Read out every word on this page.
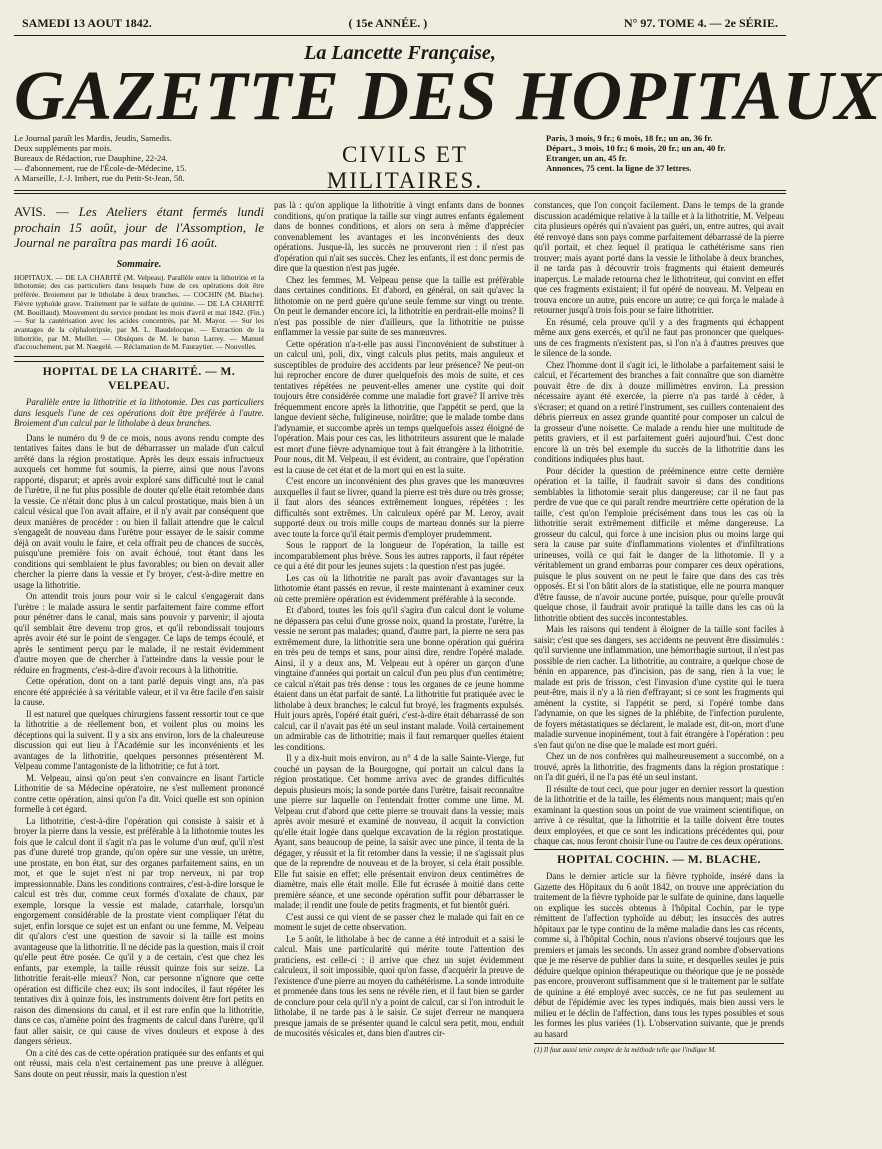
SAMEDI 13 AOUT 1842.	( 15e ANNÉE. )	N° 97. TOME 4. — 2e SÉRIE.
La Lancette Française,
GAZETTE DES HOPITAUX
Le Journal paraît les Mardis, Jeudis, Samedis.
Deux suppléments par mois.
Bureaux de Rédaction, rue Dauphine, 22-24.
— d'abonnement, rue de l'École-de-Médecine, 15.
A Marseille, J.-J. Imbert, rue du Petit-St-Jean, 58.
CIVILS ET MILITAIRES.
Paris, 3 mois, 9 fr.; 6 mois, 18 fr.; un an, 36 fr.
Départ., 3 mois, 10 fr.; 6 mois, 20 fr.; un an, 40 fr.
Etranger, un an, 45 fr.
Annonces, 75 cent. la ligne de 37 lettres.
AVIS. — Les Ateliers étant fermés lundi prochain 15 août, jour de l'Assomption, le Journal ne paraîtra pas mardi 16 août.
Sommaire.
HOPITAUX. — DE LA CHARITÉ (M. Velpeau). Parallèle entre la lithotritie et la lithotomie; des cas particuliers dans lesquels l'une de ces opérations doit être préférée. Broiement par le litholabe à deux branches. — COCHIN (M. Blache). Fièvre typhoïde grave. Traitement par le sulfate de quinine. — DE LA CHARITÉ (M. Bouillaud). Mouvement du service pendant les mois d'avril et mai 1842. (Fin.) — Sur la cautérisation avec les acides concentrés, par M. Mayor. — Sur les avantages de la céphalotripsie, par M. L. Baudelocque. — Extraction de la lithotritie, par M. Meillet. — Obsèques de M. le baron Larrey. — Manuel d'accouchement, par M. Naegelé. — Réclamation de M. Fauraytier. — Nouvelles.
HOPITAL DE LA CHARITÉ. — M. VELPEAU.
Parallèle entre la lithotritie et la lithotomie. Des cas particuliers dans lesquels l'une de ces opérations doit être préférée à l'autre. Broiement d'un calcul par le litholabe à deux branches.

Dans le numéro du 9 de ce mois, nous avons rendu compte des tentatives faites dans le but de débarrasser un malade d'un calcul arrêté dans la région prostatique. Après les deux essais infructueux auxquels cet homme fut soumis, la pierre, ainsi que nous l'avons rapporté, disparut; et après avoir exploré sans difficulté tout le canal de l'urètre, il ne fut plus possible de douter qu'elle était retombée dans la vessie. Ce n'était donc plus à un calcul prostatique, mais bien à un calcul vésical que l'on avait affaire, et il n'y avait par conséquent que deux manières de procéder : ou bien il fallait attendre que le calcul s'engageât de nouveau dans l'urètre pour essayer de le saisir comme déjà on avait voulu le faire, et cela offrait peu de chances de succès, puisqu'une première fois on avait échoué, tout étant dans les conditions qui semblaient le plus favorables; ou bien on devait aller chercher la pierre dans la vessie et l'y broyer, c'est-à-dire mettre en usage la lithotritie.

On attendit trois jours pour voir si le calcul s'engagerait dans l'urètre : le malade assura le sentir parfaitement faire comme effort pour pénétrer dans le canal, mais sans pouvoir y parvenir; il ajouta qu'il semblait être devenu trop gros, et qu'il rebondissait toujours après avoir été sur le point de s'engager. Ce laps de temps écoulé, et après le sentiment perçu par le malade, il ne restait évidemment d'autre moyen que de chercher à l'atteindre dans la vessie pour le réduire en fragments, c'est-à-dire d'avoir recours à la lithotritie.

Cette opération, dont on a tant parlé depuis vingt ans, n'a pas encore été appréciée à sa véritable valeur, et il va être facile d'en saisir la cause.

Il est naturel que quelques chirurgiens fassent ressortir tout ce que la lithotritie a de réellement bon, et voilent plus ou moins les déceptions qui la suivent. Il y a six ans environ, lors de la chaleureuse discussion qui eut lieu à l'Académie sur les inconvénients et les avantages de la lithotritie, quelques personnes présentèrent M. Velpeau comme l'antagoniste de la lithotritie; ce fut à tort.

M. Velpeau, ainsi qu'on peut s'en convaincre en lisant l'article Lithotritie de sa Médecine opératoire, ne s'est nullement prononcé contre cette opération, ainsi qu'on l'a dit. Voici quelle est son opinion formelle à cet égard.

La lithotritie, c'est-à-dire l'opération qui consiste à saisir et à broyer la pierre dans la vessie, est préférable à la lithotomie toutes les fois que le calcul dont il s'agit n'a pas le volume d'un œuf, qu'il n'est pas d'une dureté trop grande, qu'on opère sur une vessie, un urètre, une prostate, en bon état, sur des organes parfaitement sains, en un mot, et que le sujet n'est ni par trop nerveux, ni par trop impressionnable. Dans les conditions contraires, c'est-à-dire lorsque le calcul est très dur, comme ceux formés d'oxalate de chaux, par exemple, lorsque la vessie est malade, catarrhale, lorsqu'un engorgement considérable de la prostate vient compliquer l'état du sujet, enfin lorsque ce sujet est un enfant ou une femme, M. Velpeau dit qu'alors c'est une question de savoir si la taille est moins avantageuse que la lithotritie. Il ne décide pas la question, mais il croit qu'elle peut être posée. Ce qu'il y a de certain, c'est que chez les enfants, par exemple, la taille réussit quinze fois sur seize. La lithotritie ferait-elle mieux? Non, car personne n'ignore que cette opération est difficile chez eux; ils sont indociles, il faut répéter les tentatives dix à quinze fois, les instruments doivent être fort petits en raison des dimensions du canal, et il est rare enfin que la lithotritie, dans ce cas, n'amène point des fragments de calcul dans l'urètre, qu'il faut aller saisir, ce qui cause de vives douleurs et expose à des dangers sérieux.

On a cité des cas de cette opération pratiquée sur des enfants et qui ont réussi, mais cela n'est certainement pas une preuve à alléguer. Sans doute on peut réussir, mais la question n'est

pas là : qu'on applique la lithotritie à vingt enfants dans de bonnes conditions, qu'on pratique la taille sur vingt autres enfants également dans de bonnes conditions, et alors on sera à même d'apprécier convenablement les avantages et les inconvénients des deux opérations. Jusque-là, les succès ne prouveront rien : il n'est pas d'opération qui n'ait ses succès. Chez les enfants, il est donc permis de dire que la question n'est pas jugée.

Chez les femmes, M. Velpeau pense que la taille est préférable dans certaines conditions. Et d'abord, en général, on sait qu'avec la lithotomie on ne perd guère qu'une seule femme sur vingt ou trente. On peut le demander encore ici, la lithotritie en perdrait-elle moins? Il n'est pas possible de nier d'ailleurs, que la lithotritie ne puisse enflammer la vessie par suite de ses manœuvres.

Cette opération n'a-t-elle pas aussi l'inconvénient de substituer à un calcul uni, poli, dix, vingt calculs plus petits, mais anguleux et susceptibles de produire des accidents par leur présence? Ne peut-on lui reprocher encore de durer quelquefois des mois de suite, et ces tentatives répétées ne peuvent-elles amener une cystite qui doit toujours être considérée comme une maladie fort grave? Il arrive très fréquemment encore après la lithotritie, que l'appétit se perd, que la langue devient sèche, fuligineuse, noirâtre; que le malade tombe dans l'adynamie, et succombe après un temps quelquefois assez éloigné de l'opération. Mais pour ces cas, les lithotriteurs assurent que le malade est mort d'une fièvre adynamique tout à fait étrangère à la lithotritie. Pour nous, dit M. Velpeau, il est évident, au contraire, que l'opération est la cause de cet état et de la mort qui en est la suite.

C'est encore un inconvénient des plus graves que les manœuvres auxquelles il faut se livrer, quand la pierre est très dure ou très grosse; il faut alors des séances extrêmement longues, répétées : les difficultés sont extrêmes. Un calculeux opéré par M. Leroy, avait supporté deux ou trois mille coups de marteau donnés sur la pierre avec toute la force qu'il était permis d'employer prudemment.

Sous le rapport de la longueur de l'opération, la taille est incomparablement plus brève. Sous les autres rapports, il faut répéter ce qui a été dit pour les jeunes sujets : la question n'est pas jugée.

Les cas où la lithotritie ne paraît pas avoir d'avantages sur la lithotomie étant passés en revue, il reste maintenant à examiner ceux où cette première opération est évidemment préférable à la seconde.

Et d'abord, toutes les fois qu'il s'agira d'un calcul dont le volume ne dépassera pas celui d'une grosse noix, quand la prostate, l'urètre, la vessie ne seront pas malades; quand, d'autre part, la pierre ne sera pas extrêmement dure, la lithotritie sera une bonne opération qui guérira en très peu de temps et sans, pour ainsi dire, rendre l'opéré malade. Ainsi, il y a deux ans, M. Velpeau eut à opérer un garçon d'une vingtaine d'années qui portait un calcul d'un peu plus d'un centimètre; ce calcul n'était pas très dense : tous les organes de ce jeune homme étaient dans un état parfait de santé. La lithotritie fut pratiquée avec le litholabe à deux branches; le calcul fut broyé, les fragments expulsés. Huit jours après, l'opéré était guéri, c'est-à-dire était débarrassé de son calcul, car il n'avait pas été un seul instant malade. Voilà certainement un admirable cas de lithotritie; mais il faut remarquer quelles étaient les conditions.

Il y a dix-huit mois environ, au n° 4 de la salle Sainte-Vierge, fut couché un paysan de la Bourgogne, qui portait un calcul dans la région prostatique. Cet homme arriva avec de grandes difficultés depuis plusieurs mois; la sonde portée dans l'urètre, faisait reconnaître une pierre sur laquelle on l'entendait frotter comme une lime. M. Velpeau crut d'abord que cette pierre se trouvait dans la vessie; mais après avoir mesuré et examiné de nouveau, il acquit la conviction qu'elle était logée dans quelque excavation de la région prostatique. Ayant, sans beaucoup de peine, la saisir avec une pince, il tenta de la dégager, y réussit et la fit retomber dans la vessie; il ne s'agissait plus que de la reprendre de nouveau et de la broyer, si cela était possible. Elle fut saisie en effet; elle présentait environ deux centimètres de diamètre, mais elle était molle. Elle fut écrasée à moitié dans cette première séance, et une seconde opération suffit pour débarrasser le malade; il rendit une foule de petits fragments, et fut bientôt guéri.

C'est aussi ce qui vient de se passer chez le malade qui fait en ce moment le sujet de cette observation.

Le 5 août, le litholabe à bec de canne a été introduit et a saisi le calcul. Mais une particularité qui mérite toute l'attention des praticiens, est celle-ci : il arrive que chez un sujet évidemment calculeux, il soit impossible, quoi qu'on fasse, d'acquérir la preuve de l'existence d'une pierre au moyen du cathétérisme. La sonde introduite et promenée dans tous les sens ne révèle rien, et il faut bien se garder de conclure pour cela qu'il n'y a point de calcul, car si l'on introduit le litholabe, il ne tarde pas à le saisir. Ce sujet d'erreur ne manquera presque jamais de se présenter quand le calcul sera petit, mou, enduit de mucosités vésicales et, dans bien d'autres cir-

constances, que l'on conçoit facilement. Dans le temps de la grande discussion académique relative à la taille et à la lithotritie, M. Velpeau cita plusieurs opérés qui n'avaient pas guéri, un, entre autres, qui avait été renvoyé dans son pays comme parfaitement débarrassé de la pierre qu'il portait, et chez lequel il pratiqua le cathétérisme sans rien trouver; mais ayant porté dans la vessie le litholabe à deux branches, il ne tarda pas à découvrir trois fragments qui étaient demeurés inaperçus. Le malade retourna chez le lithotriteur, qui convint en effet que ces fragments existaient; il fut opéré de nouveau. M. Velpeau en trouva encore un autre, puis encore un autre; ce qui força le malade à retourner jusqu'à trois fois pour se faire lithotritier.

En résumé, cela prouve qu'il y a des fragments qui échappent même aux gens exercés, et qu'il ne faut pas prononcer que quelques-uns de ces fragments n'existent pas, si l'on n'a à d'autres preuves que le silence de la sonde.

Chez l'homme dont il s'agit ici, le litholabe a parfaitement saisi le calcul, et l'écartement des branches a fait connaître que son diamètre pouvait être de dix à douze millimètres environ. La pression nécessaire ayant été exercée, la pierre n'a pas tardé à céder, à s'écraser; et quand on a retiré l'instrument, ses cuillers contenaient des débris pierreux en assez grande quantité pour composer un calcul de la grosseur d'une noisette. Ce malade a rendu hier une multitude de petits graviers, et il est parfaitement guéri aujourd'hui. C'est donc encore là un très bel exemple du succès de la lithotritie dans les conditions indiquées plus haut.

Pour décider la question de prééminence entre cette dernière opération et la taille, il faudrait savoir si dans des conditions semblables la lithotomie serait plus dangereuse; car il ne faut pas perdre de vue que ce qui paraît rendre meurtrière cette opération de la taille, c'est qu'on l'emploie précisément dans tous les cas où la lithotritie serait extrêmement difficile et même dangereuse. La grosseur du calcul, qui force à une incision plus ou moins large qui sera la cause par suite d'inflammations violentes et d'infiltrations urineuses, voilà ce qui fait le danger de la lithotomie. Il y a véritablement un grand embarras pour comparer ces deux opérations, puisque le plus souvent on ne peut le faire que dans des cas très opposés. Et si l'on bâtit alors de la statistique, elle ne pourra manquer d'être fausse, de n'avoir aucune portée, puisque, pour qu'elle prouvât quelque chose, il faudrait avoir pratiqué la taille dans les cas où la lithotritie obtient des succès incontestables.

Mais les raisons qui tendent à éloigner de la taille sont faciles à saisir; c'est que ses dangers, ses accidents ne peuvent être dissimulés : qu'il survienne une inflammation, une hémorrhagie surtout, il n'est pas possible de rien cacher. La lithotritie, au contraire, a quelque chose de bénin en apparence, pas d'incision, pas de sang, rien à la vue; le malade est pris de frisson, c'est l'invasion d'une cystite qui le tuera peut-être, mais il n'y a là rien d'effrayant; si ce sont les fragments qui amènent la cystite, si l'appétit se perd, si l'opéré tombe dans l'adynamie, on que les signes de la phlébite, de l'infection purulente, de foyers métastatiques se déclarent, le malade est, dit-on, mort d'une maladie survenue inopinément, tout à fait étrangère à l'opération : peu s'en faut qu'on ne dise que le malade est mort guéri.

Chez un de nos confrères qui malheureusement a succombé, on a trouvé, après la lithotritie, des fragments dans la région prostatique : on l'a dit guéri, il ne l'a pas été un seul instant.

Il résulte de tout ceci, que pour juger en dernier ressort la question de la lithotritie et de la taille, les éléments nous manquent; mais qu'en examinant la question sous un point de vue vraiment scientifique, on arrive à ce résultat, que la lithotritie et la taille doivent être toutes deux employées, et que ce sont les indications précédentes qui, pour chaque cas, nous feront choisir l'une ou l'autre de ces deux opérations.

HOPITAL COCHIN. — M. BLACHE.

Dans le dernier article sur la fièvre typhoïde, inséré dans la Gazette des Hôpitaux du 6 août 1842, on trouve une appréciation du traitement de la fièvre typhoïde par le sulfate de quinine, dans laquelle on explique les succès obtenus à l'hôpital Cochin, par le type rémittent de l'affection typhoïde au début; les insuccès des autres hôpitaux par le type continu de la même maladie dans les cas récents, comme si, à l'hôpital Cochin, nous n'avions observé toujours que les premiers et jamais les seconds. Un assez grand nombre d'observations que je me réserve de publier dans la suite, et desquelles seules je puis déduire quelque opinion thérapeutique ou théorique que je ne possède pas encore, prouveront suffisamment que si le traitement par le sulfate de quinine a été employé avec succès, ce ne fut pas seulement au début de l'épidémie avec les types indiqués, mais bien aussi vers le milieu et le déclin de l'affection, dans tous les types possibles et sous les formes les plus variées (1). L'observation suivante, que je prends au hasard

(1) Il faut aussi tenir compte de la méthode telle que l'indique M.
